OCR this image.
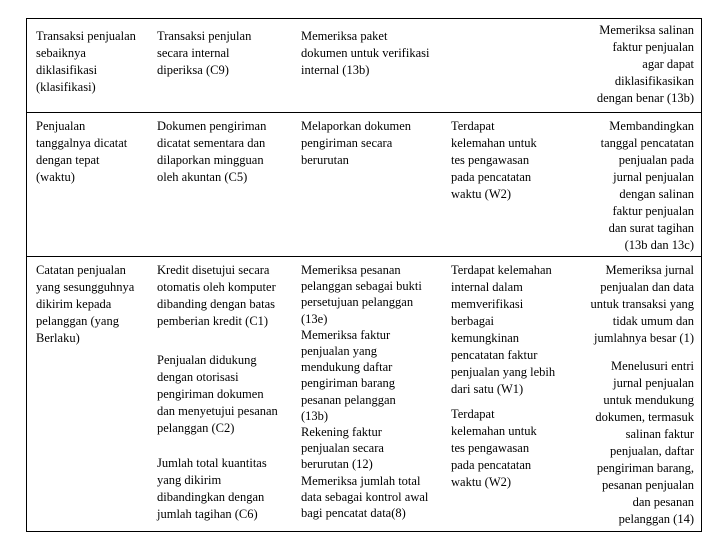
Transaksi penjualan
sebaiknya
diklasifikasi
(klasifikasi)
Transaksi penjulan
secara internal
diperiksa (C9)
Memeriksa paket
dokumen untuk verifikasi
internal (13b)
Memeriksa salinan
faktur penjualan
agar dapat
diklasifikasikan
dengan benar (13b)
Penjualan
tanggalnya dicatat
dengan tepat
(waktu)
Dokumen pengiriman
dicatat sementara dan
dilaporkan mingguan
oleh akuntan (C5)
Melaporkan dokumen
pengiriman secara
berurutan
Terdapat
kelemahan untuk
tes pengawasan
pada pencatatan
waktu (W2)
Membandingkan
tanggal pencatatan
penjualan pada
jurnal penjualan
dengan salinan
faktur penjualan
dan surat tagihan
(13b dan 13c)
Catatan penjualan
yang sesungguhnya
dikirim kepada
pelanggan (yang
Berlaku)
Kredit disetujui secara
otomatis oleh komputer
dibanding dengan batas
pemberian kredit (C1)
Penjualan didukung
dengan otorisasi
pengiriman dokumen
dan menyetujui pesanan
pelanggan (C2)
Jumlah total kuantitas
yang dikirim
dibandingkan dengan
jumlah tagihan (C6)
Memeriksa pesanan
pelanggan sebagai bukti
persetujuan pelanggan
(13e)
Memeriksa faktur
penjualan yang
mendukung daftar
pengiriman barang
pesanan pelanggan
(13b)
Rekening faktur
penjualan secara
berurutan (12)
Memeriksa jumlah total
data sebagai kontrol awal
bagi pencatat data(8)
Terdapat kelemahan
internal dalam
memverifikasi
berbagai
kemungkinan
pencatatan faktur
penjualan yang lebih
dari satu (W1)
Terdapat
kelemahan untuk
tes pengawasan
pada pencatatan
waktu (W2)
Memeriksa jurnal
penjualan dan data
untuk transaksi yang
tidak umum dan
jumlahnya besar (1)
Menelusuri entri
jurnal penjualan
untuk mendukung
dokumen, termasuk
salinan faktur
penjualan, daftar
pengiriman barang,
pesanan penjualan
dan pesanan
pelanggan (14)
